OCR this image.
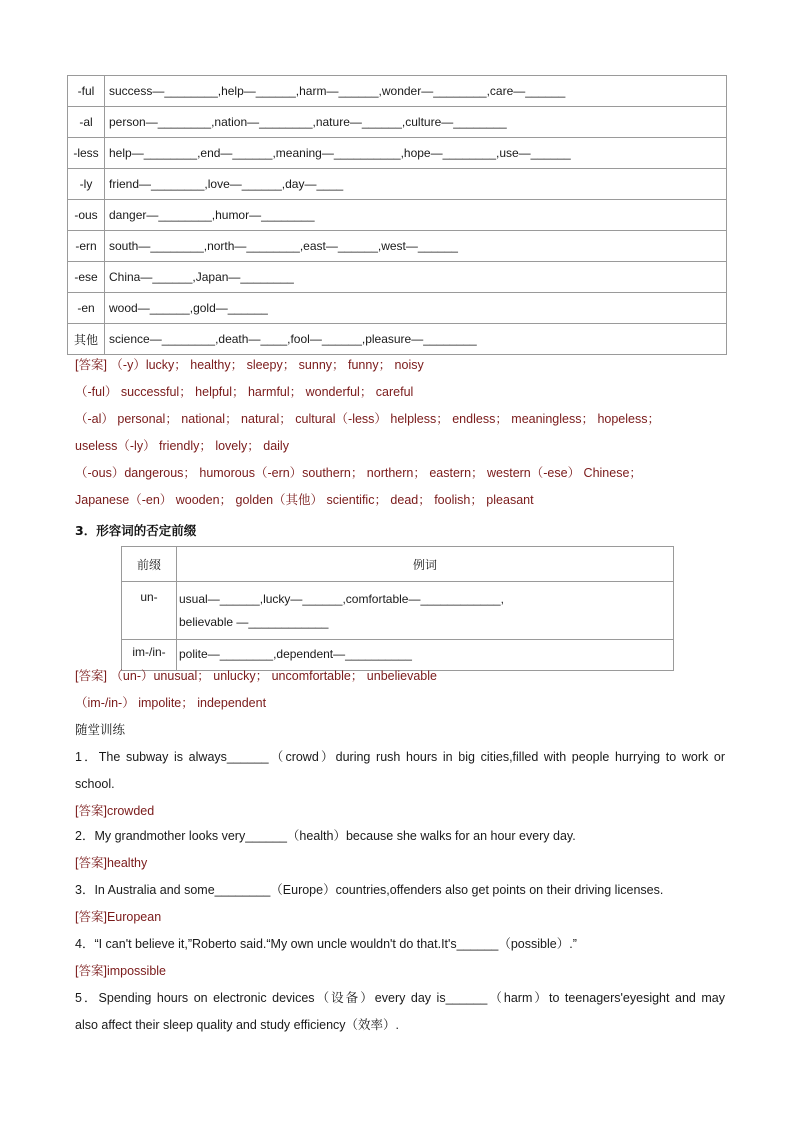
-ful	success—________,help—______,harm—______,wonder—________,care—______
-al	person—________,nation—________,nature—______,culture—________
-less	help—________,end—______,meaning—__________,hope—________,use—______
-ly	friend—________,love—______,day—____
-ous	danger—________,humor—________
-ern	south—________,north—________,east—______,west—______
-ese	China—______,Japan—________
-en	wood—______,gold—______
其他	science—________,death—____,fool—______,pleasure—________
[答案] （-y）lucky； healthy； sleepy； sunny； funny； noisy
（-ful） successful； helpful； harmful； wonderful； careful
（-al） personal； national； natural； cultural（-less） helpless； endless； meaningless； hopeless；
useless（-ly） friendly； lovely； daily
（-ous）dangerous； humorous（-ern）southern； northern； eastern； western（-ese） Chinese；
Japanese（-en） wooden； golden（其他） scientific； dead； foolish； pleasant
3．形容词的否定前缀
前缀	例词
un-	usual—______,lucky—______,comfortable—____________,
believable —____________

im-/in-	polite—________,dependent—__________
[答案] （un-）unusual； unlucky； uncomfortable； unbelievable
（im-/in-） impolite； independent
随堂训练
1．The subway is always______（crowd）during rush hours in big cities,filled with people hurrying to work or
school.
[答案]crowded
2．My grandmother looks very______（health）because she walks for an hour every day.
[答案]healthy
3．In Australia and some________（Europe）countries,offenders also get points on their driving licenses.
[答案]European
4．“I can't believe it,”Roberto said.“My own uncle wouldn't do that.It's______（possible）.”
[答案]impossible
5．Spending hours on electronic devices（设备）every day is______（harm）to teenagers'eyesight and may
also affect their sleep quality and study efficiency（效率）.
